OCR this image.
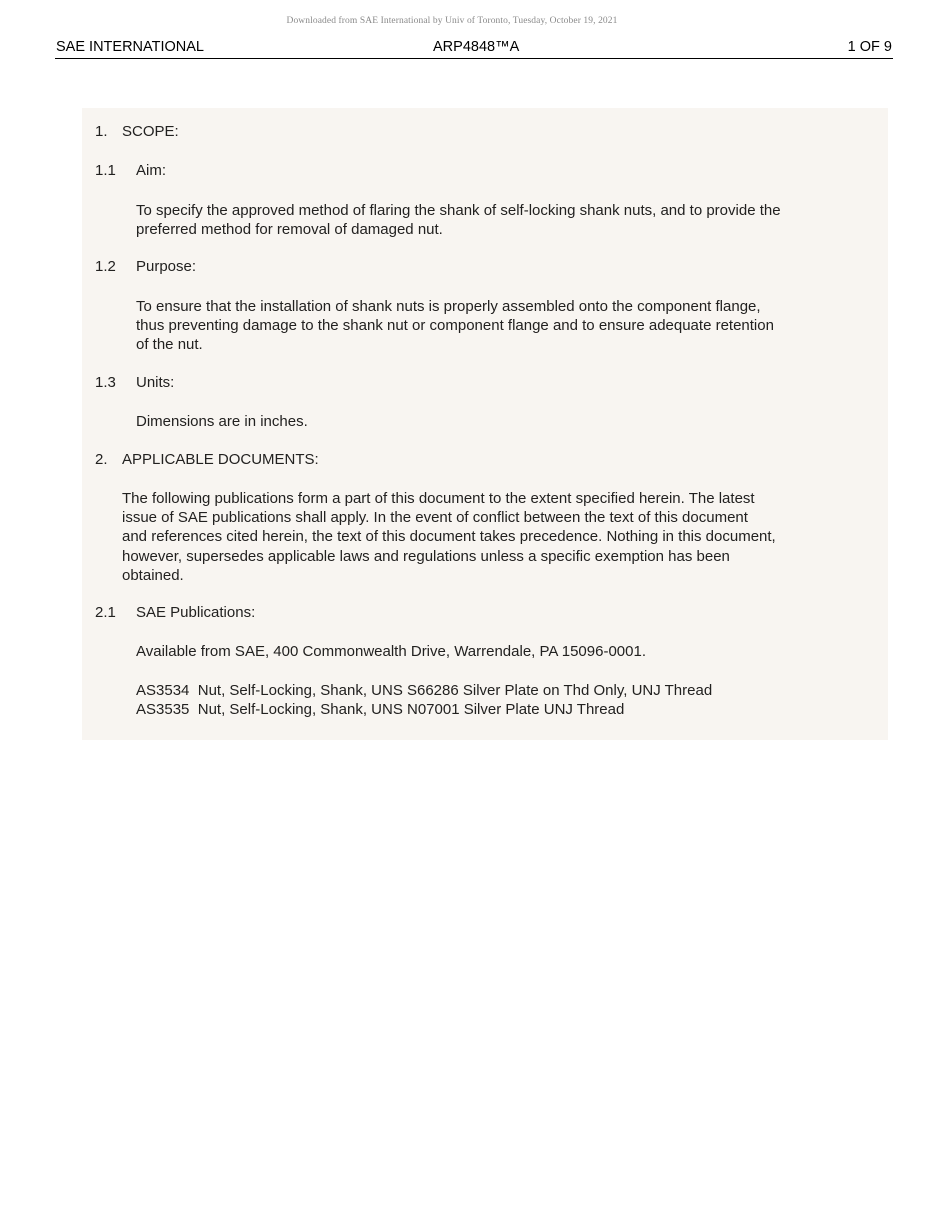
Downloaded from SAE International by Univ of Toronto, Tuesday, October 19, 2021
SAE INTERNATIONAL	ARP4848™A	1 OF 9
1. SCOPE:
1.1 Aim:
To specify the approved method of flaring the shank of self-locking shank nuts, and to provide the
preferred method for removal of damaged nut.
1.2 Purpose:
To ensure that the installation of shank nuts is properly assembled onto the component flange,
thus preventing damage to the shank nut or component flange and to ensure adequate retention
of the nut.
1.3 Units:
Dimensions are in inches.
2. APPLICABLE DOCUMENTS:
The following publications form a part of this document to the extent specified herein. The latest
issue of SAE publications shall apply. In the event of conflict between the text of this document
and references cited herein, the text of this document takes precedence. Nothing in this document,
however, supersedes applicable laws and regulations unless a specific exemption has been
obtained.
2.1 SAE Publications:
Available from SAE, 400 Commonwealth Drive, Warrendale, PA 15096-0001.
AS3534 Nut, Self-Locking, Shank, UNS S66286 Silver Plate on Thd Only, UNJ Thread
AS3535 Nut, Self-Locking, Shank, UNS N07001 Silver Plate UNJ Thread
